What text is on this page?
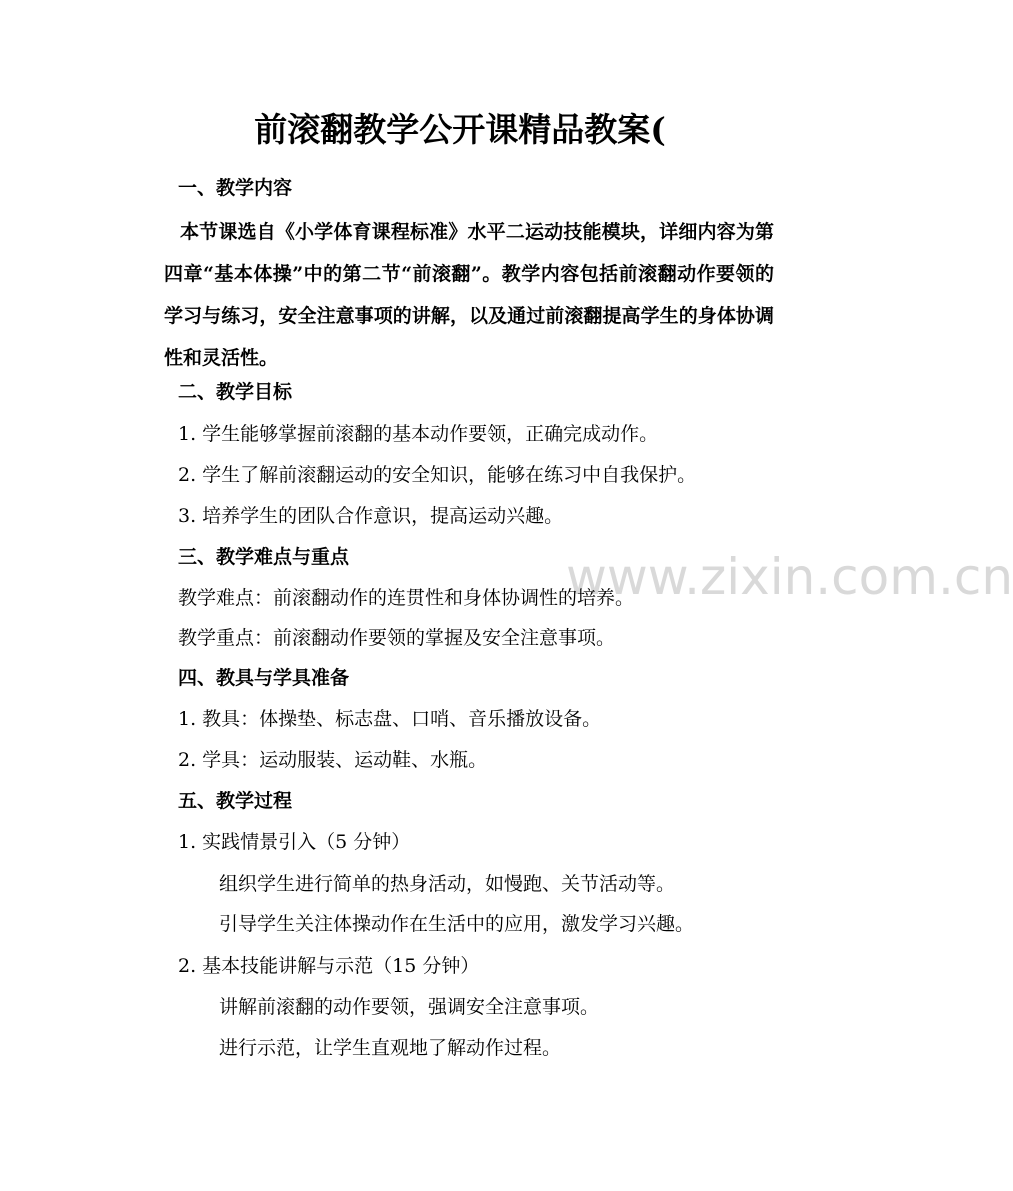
www.zixin.com.cn
前滚翻教学公开课精品教案(
一、教学内容
本节课选自《小学体育课程标准》水平二运动技能模块，详细内容为第四章“基本体操”中的第二节“前滚翻”。教学内容包括前滚翻动作要领的学习与练习，安全注意事项的讲解，以及通过前滚翻提高学生的身体协调性和灵活性。
二、教学目标
1. 学生能够掌握前滚翻的基本动作要领，正确完成动作。
2. 学生了解前滚翻运动的安全知识，能够在练习中自我保护。
3. 培养学生的团队合作意识，提高运动兴趣。
三、教学难点与重点
教学难点：前滚翻动作的连贯性和身体协调性的培养。
教学重点：前滚翻动作要领的掌握及安全注意事项。
四、教具与学具准备
1. 教具：体操垫、标志盘、口哨、音乐播放设备。
2. 学具：运动服装、运动鞋、水瓶。
五、教学过程
1. 实践情景引入（5 分钟）
组织学生进行简单的热身活动，如慢跑、关节活动等。
引导学生关注体操动作在生活中的应用，激发学习兴趣。
2. 基本技能讲解与示范（15 分钟）
讲解前滚翻的动作要领，强调安全注意事项。
进行示范，让学生直观地了解动作过程。
